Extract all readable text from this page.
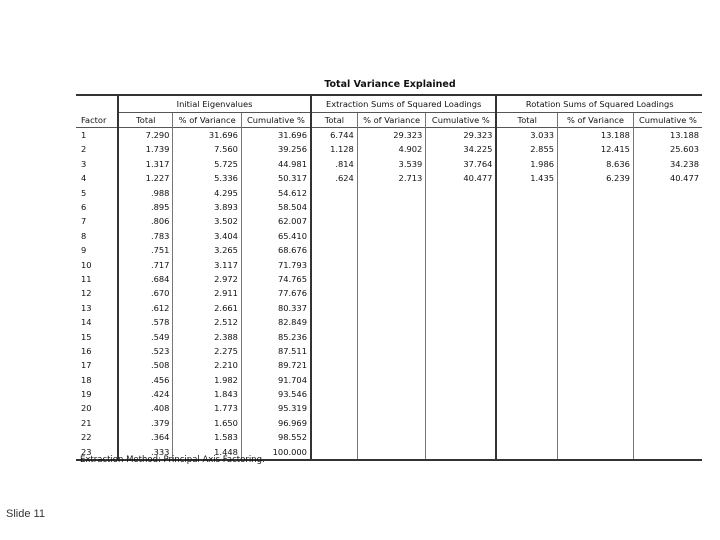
Total Variance Explained
	Initial Eigenvalues			Extraction Sums of Squared Loadings			Rotation Sums of Squared Loadings		
Factor	Total	% of Variance	Cumulative %	Total	% of Variance	Cumulative %	Total	% of Variance	Cumulative %
1	7.290	31.696	31.696	6.744	29.323	29.323	3.033	13.188	13.188
2	1.739	7.560	39.256	1.128	4.902	34.225	2.855	12.415	25.603
3	1.317	5.725	44.981	.814	3.539	37.764	1.986	8.636	34.238
4	1.227	5.336	50.317	.624	2.713	40.477	1.435	6.239	40.477
5	.988	4.295	54.612						
6	.895	3.893	58.504						
7	.806	3.502	62.007						
8	.783	3.404	65.410						
9	.751	3.265	68.676						
10	.717	3.117	71.793						
11	.684	2.972	74.765						
12	.670	2.911	77.676						
13	.612	2.661	80.337						
14	.578	2.512	82.849						
15	.549	2.388	85.236						
16	.523	2.275	87.511						
17	.508	2.210	89.721						
18	.456	1.982	91.704						
19	.424	1.843	93.546						
20	.408	1.773	95.319						
21	.379	1.650	96.969						
22	.364	1.583	98.552						
23	.333	1.448	100.000						
Extraction Method: Principal Axis Factoring.
Slide 11
